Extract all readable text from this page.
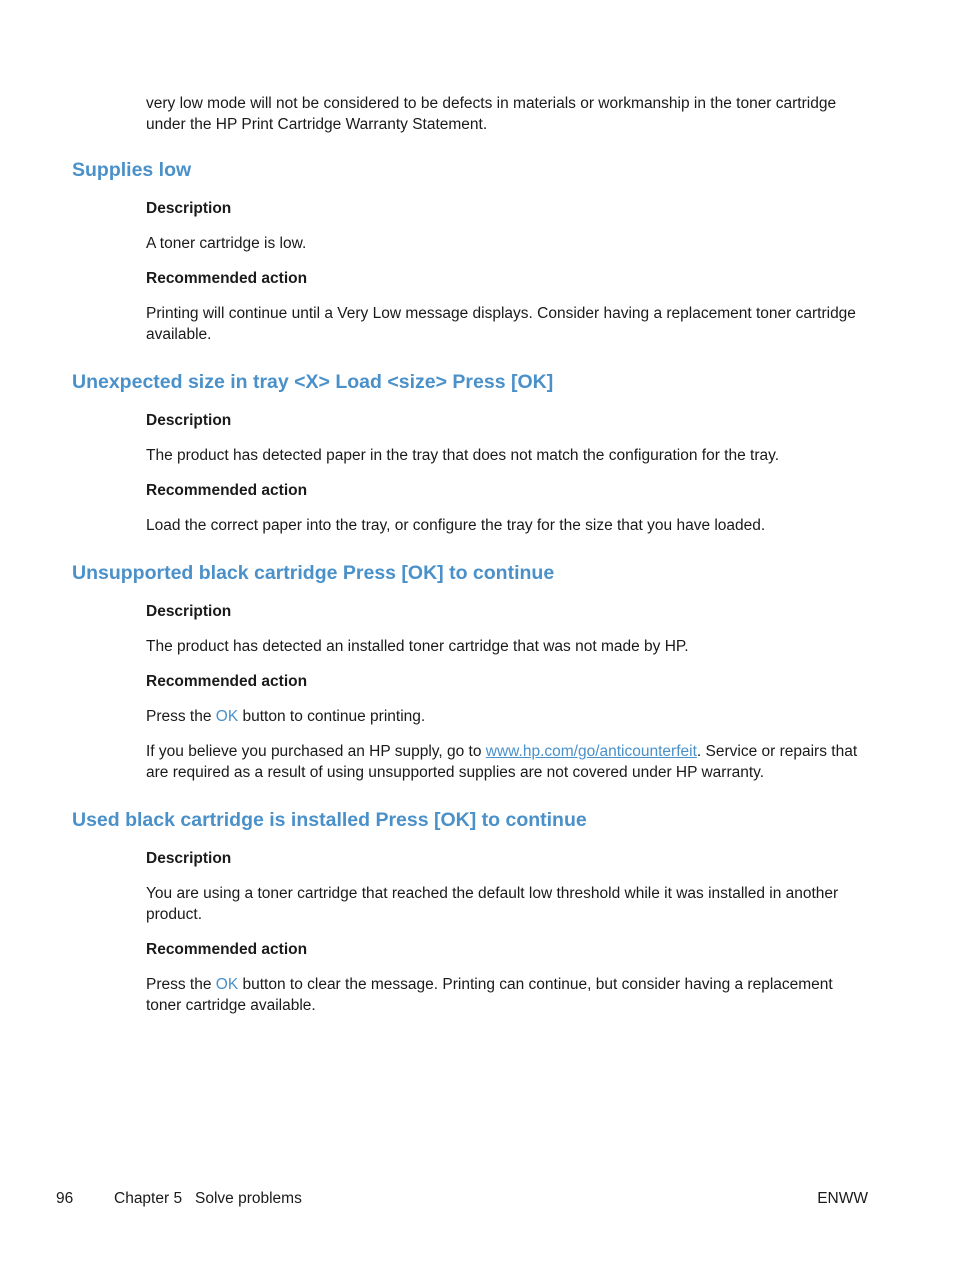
very low mode will not be considered to be defects in materials or workmanship in the toner cartridge under the HP Print Cartridge Warranty Statement.
Supplies low
Description
A toner cartridge is low.
Recommended action
Printing will continue until a Very Low message displays. Consider having a replacement toner cartridge available.
Unexpected size in tray <X> Load <size> Press [OK]
Description
The product has detected paper in the tray that does not match the configuration for the tray.
Recommended action
Load the correct paper into the tray, or configure the tray for the size that you have loaded.
Unsupported black cartridge Press [OK] to continue
Description
The product has detected an installed toner cartridge that was not made by HP.
Recommended action
Press the OK button to continue printing.
If you believe you purchased an HP supply, go to www.hp.com/go/anticounterfeit. Service or repairs that are required as a result of using unsupported supplies are not covered under HP warranty.
Used black cartridge is installed Press [OK] to continue
Description
You are using a toner cartridge that reached the default low threshold while it was installed in another product.
Recommended action
Press the OK button to clear the message. Printing can continue, but consider having a replacement toner cartridge available.
96	Chapter 5   Solve problems	ENWW
